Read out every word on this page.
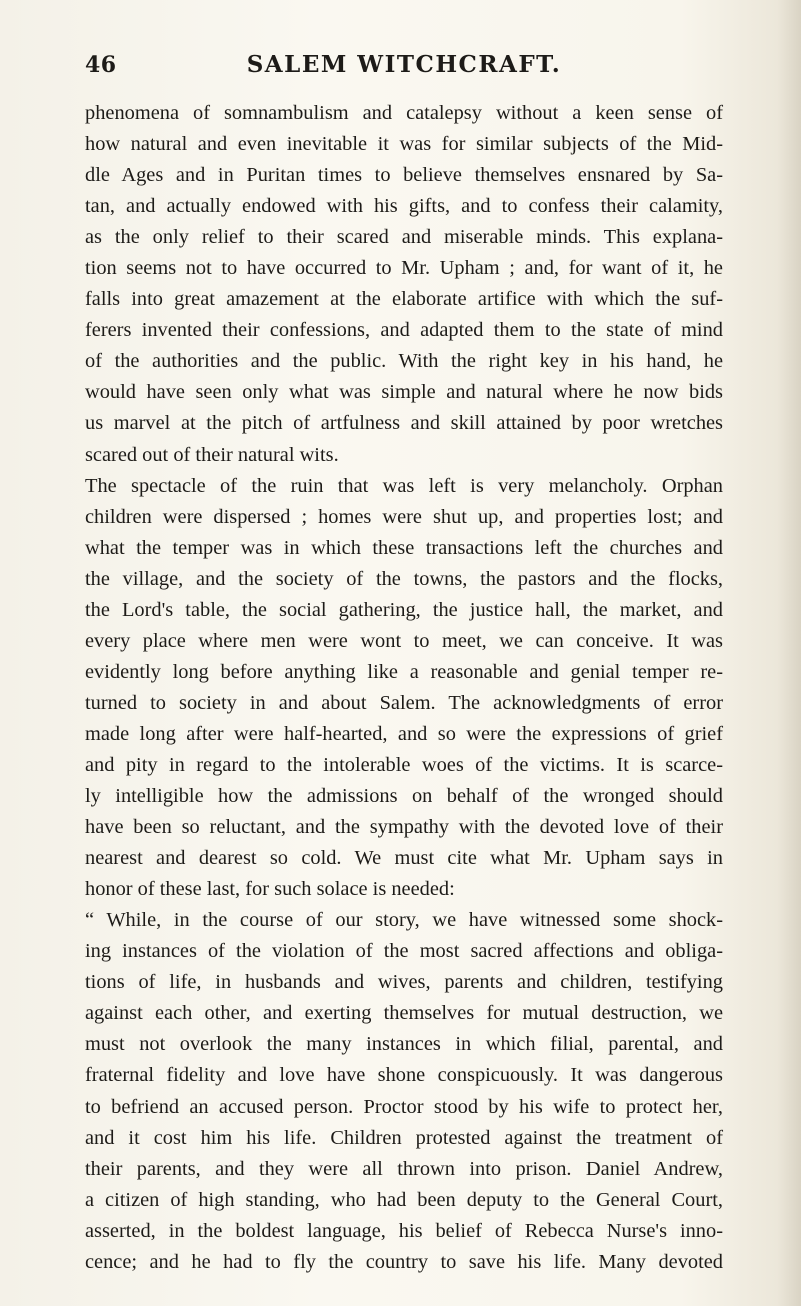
46	SALEM WITCHCRAFT.
phenomena of somnambulism and catalepsy without a keen sense of
how natural and even inevitable it was for similar subjects of the Mid-
dle Ages and in Puritan times to believe themselves ensnared by Sa-
tan, and actually endowed with his gifts, and to confess their calamity,
as the only relief to their scared and miserable minds. This explana-
tion seems not to have occurred to Mr. Upham ; and, for want of it, he
falls into great amazement at the elaborate artifice with which the suf-
ferers invented their confessions, and adapted them to the state of mind
of the authorities and the public. With the right key in his hand, he
would have seen only what was simple and natural where he now bids
us marvel at the pitch of artfulness and skill attained by poor wretches
scared out of their natural wits.
The spectacle of the ruin that was left is very melancholy. Orphan
children were dispersed ; homes were shut up, and properties lost; and
what the temper was in which these transactions left the churches and
the village, and the society of the towns, the pastors and the flocks,
the Lord's table, the social gathering, the justice hall, the market, and
every place where men were wont to meet, we can conceive. It was
evidently long before anything like a reasonable and genial temper re-
turned to society in and about Salem. The acknowledgments of error
made long after were half-hearted, and so were the expressions of grief
and pity in regard to the intolerable woes of the victims. It is scarce-
ly intelligible how the admissions on behalf of the wronged should
have been so reluctant, and the sympathy with the devoted love of their
nearest and dearest so cold. We must cite what Mr. Upham says in
honor of these last, for such solace is needed:
“ While, in the course of our story, we have witnessed some shock-
ing instances of the violation of the most sacred affections and obliga-
tions of life, in husbands and wives, parents and children, testifying
against each other, and exerting themselves for mutual destruction, we
must not overlook the many instances in which filial, parental, and
fraternal fidelity and love have shone conspicuously. It was dangerous
to befriend an accused person. Proctor stood by his wife to protect her,
and it cost him his life. Children protested against the treatment of
their parents, and they were all thrown into prison. Daniel Andrew,
a citizen of high standing, who had been deputy to the General Court,
asserted, in the boldest language, his belief of Rebecca Nurse's inno-
cence; and he had to fly the country to save his life. Many devoted
